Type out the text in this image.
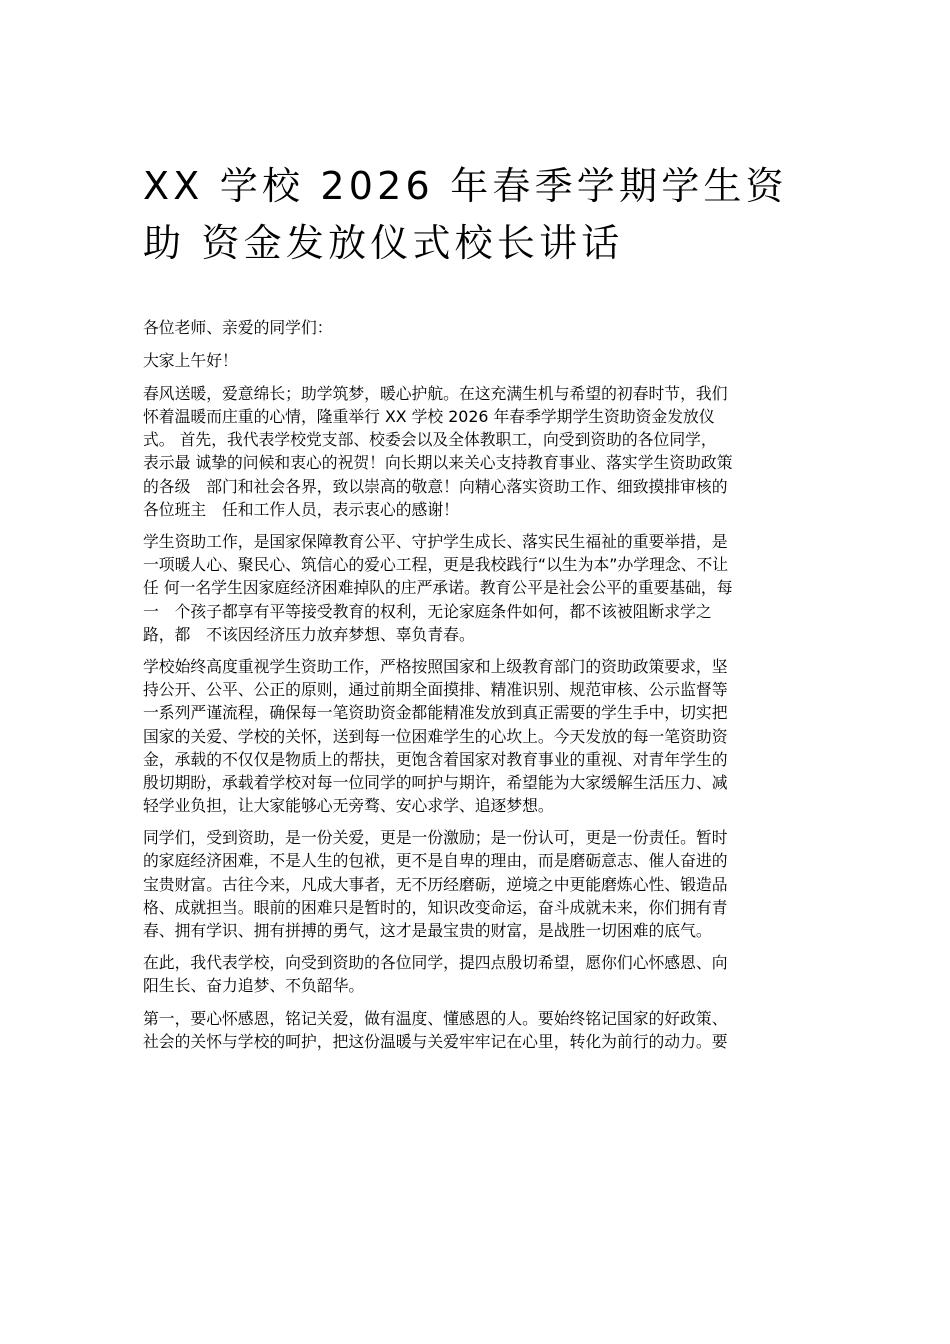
XX 学校 2026 年春季学期学生资
助 资金发放仪式校长讲话

各位老师、亲爱的同学们：

大家上午好！

春风送暖，爱意绵长；助学筑梦，暖心护航。在这充满生机与希望的初春时节，我们
怀着温暖而庄重的心情，隆重举行 XX 学校 2026 年春季学期学生资助资金发放仪
式。 首先，我代表学校党支部、校委会以及全体教职工，向受到资助的各位同学，
表示最 诚挚的问候和衷心的祝贺！向长期以来关心支持教育事业、落实学生资助政策
的各级　部门和社会各界，致以崇高的敬意！向精心落实资助工作、细致摸排审核的
各位班主　任和工作人员，表示衷心的感谢！

学生资助工作，是国家保障教育公平、守护学生成长、落实民生福祉的重要举措，是
一项暖人心、聚民心、筑信心的爱心工程，更是我校践行“以生为本”办学理念、不让
任 何一名学生因家庭经济困难掉队的庄严承诺。教育公平是社会公平的重要基础，每
一　个孩子都享有平等接受教育的权利，无论家庭条件如何，都不该被阻断求学之
路，都　不该因经济压力放弃梦想、辜负青春。

学校始终高度重视学生资助工作，严格按照国家和上级教育部门的资助政策要求，坚
持公开、公平、公正的原则，通过前期全面摸排、精准识别、规范审核、公示监督等
一系列严谨流程，确保每一笔资助资金都能精准发放到真正需要的学生手中，切实把
国家的关爱、学校的关怀，送到每一位困难学生的心坎上。今天发放的每一笔资助资
金，承载的不仅仅是物质上的帮扶，更饱含着国家对教育事业的重视、对青年学生的
殷切期盼，承载着学校对每一位同学的呵护与期许，希望能为大家缓解生活压力、减
轻学业负担，让大家能够心无旁骛、安心求学、追逐梦想。

同学们，受到资助，是一份关爱，更是一份激励；是一份认可，更是一份责任。暂时
的家庭经济困难，不是人生的包袱，更不是自卑的理由，而是磨砺意志、催人奋进的
宝贵财富。古往今来，凡成大事者，无不历经磨砺，逆境之中更能磨炼心性、锻造品
格、成就担当。眼前的困难只是暂时的，知识改变命运，奋斗成就未来，你们拥有青
春、拥有学识、拥有拼搏的勇气，这才是最宝贵的财富，是战胜一切困难的底气。

在此，我代表学校，向受到资助的各位同学，提四点殷切希望，愿你们心怀感恩、向
阳生长、奋力追梦、不负韶华。

第一，要心怀感恩，铭记关爱，做有温度、懂感恩的人。要始终铭记国家的好政策、
社会的关怀与学校的呵护，把这份温暖与关爱牢牢记在心里，转化为前行的动力。要
